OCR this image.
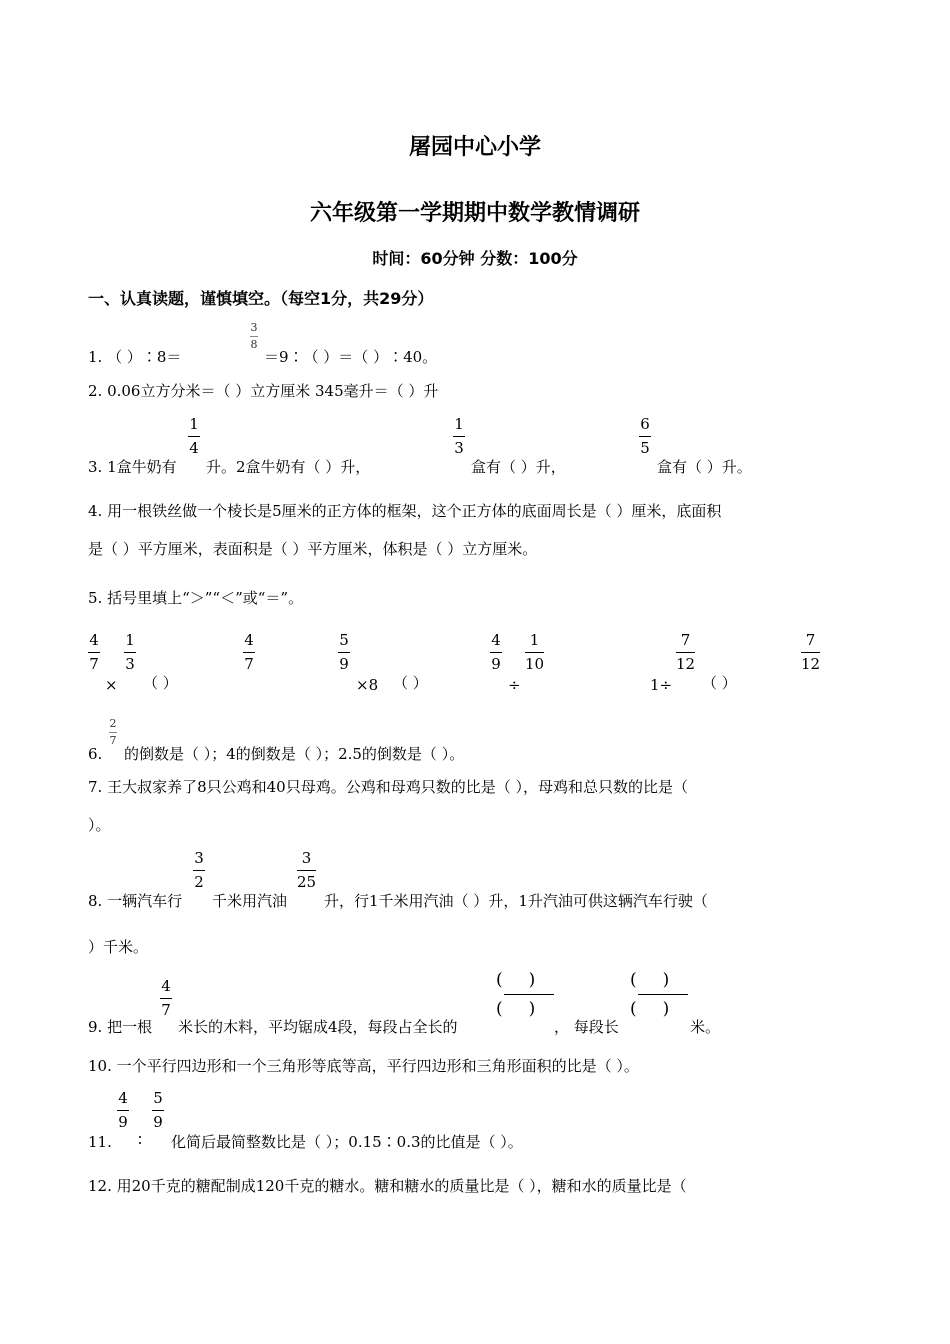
屠园中心小学
六年级第一学期期中数学教情调研
时间：60分钟 分数：100分
一、认真读题，谨慎填空。（每空1分，共29分）
1. （ ）∶8＝
3
8
＝9∶（ ）＝（ ）∶40。
2. 0.06立方分米＝（ ）立方厘米 345毫升＝（ ）升
3. 1盒牛奶有
1
4
升。2盒牛奶有（ ）升，
1
3
盒有（ ）升，
6
5
盒有（ ）升。
4. 用一根铁丝做一个棱长是5厘米的正方体的框架，这个正方体的底面周长是（ ）厘米，底面积
是（ ）平方厘米，表面积是（ ）平方厘米，体积是（ ）立方厘米。
5. 括号里填上“＞”“＜”或“＝”。
4
7
×
1
3
（ ）
4
7
5
9
×8 （ ）
4
9
÷
1
10
1÷
7
12
（ ）
7
12
6.
2
7
的倒数是（ ）；4的倒数是（ ）；2.5的倒数是（ ）。
7. 王大叔家养了8只公鸡和40只母鸡。公鸡和母鸡只数的比是（ ），母鸡和总只数的比是（
）。
8. 一辆汽车行
3
2
千米用汽油
3
25
升，行1千米用汽油（ ）升，1升汽油可供这辆汽车行驶（
）千米。
9. 把一根
4
7
米长的木料，平均锯成4段，每段占全长的
()
()
， 每段长
()
()
米。
10. 一个平行四边形和一个三角形等底等高，平行四边形和三角形面积的比是（ ）。
11.
4
9
∶
5
9
化简后最简整数比是（ ）；0.15∶0.3的比值是（ ）。
12. 用20千克的糖配制成120千克的糖水。糖和糖水的质量比是（ ），糖和水的质量比是（
